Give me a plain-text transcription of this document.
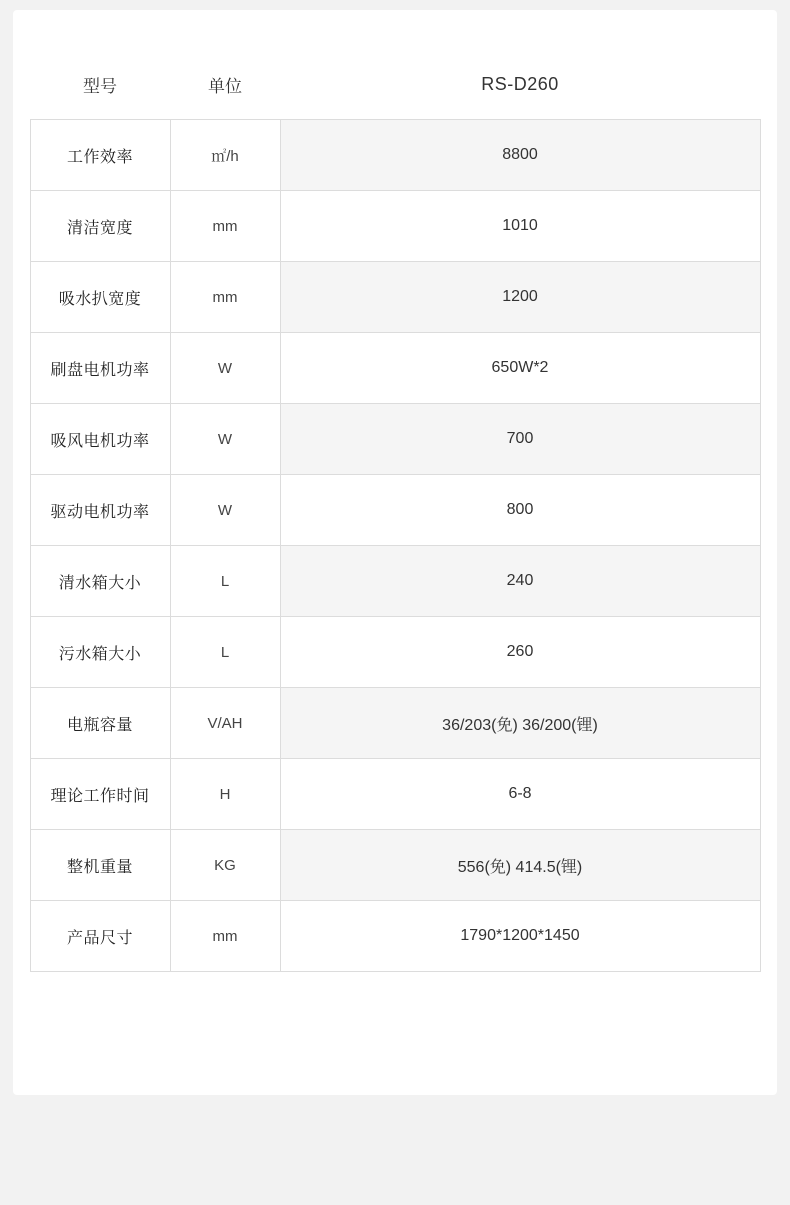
型号	单位	RS-D260
工作效率	㎡/h	8800
清洁宽度	mm	1010
吸水扒宽度	mm	1200
刷盘电机功率	W	650W*2
吸风电机功率	W	700
驱动电机功率	W	800
清水箱大小	L	240
污水箱大小	L	260
电瓶容量	V/AH	36/203(免) 36/200(锂)
理论工作时间	H	6-8
整机重量	KG	556(免) 414.5(锂)
产品尺寸	mm	1790*1200*1450
